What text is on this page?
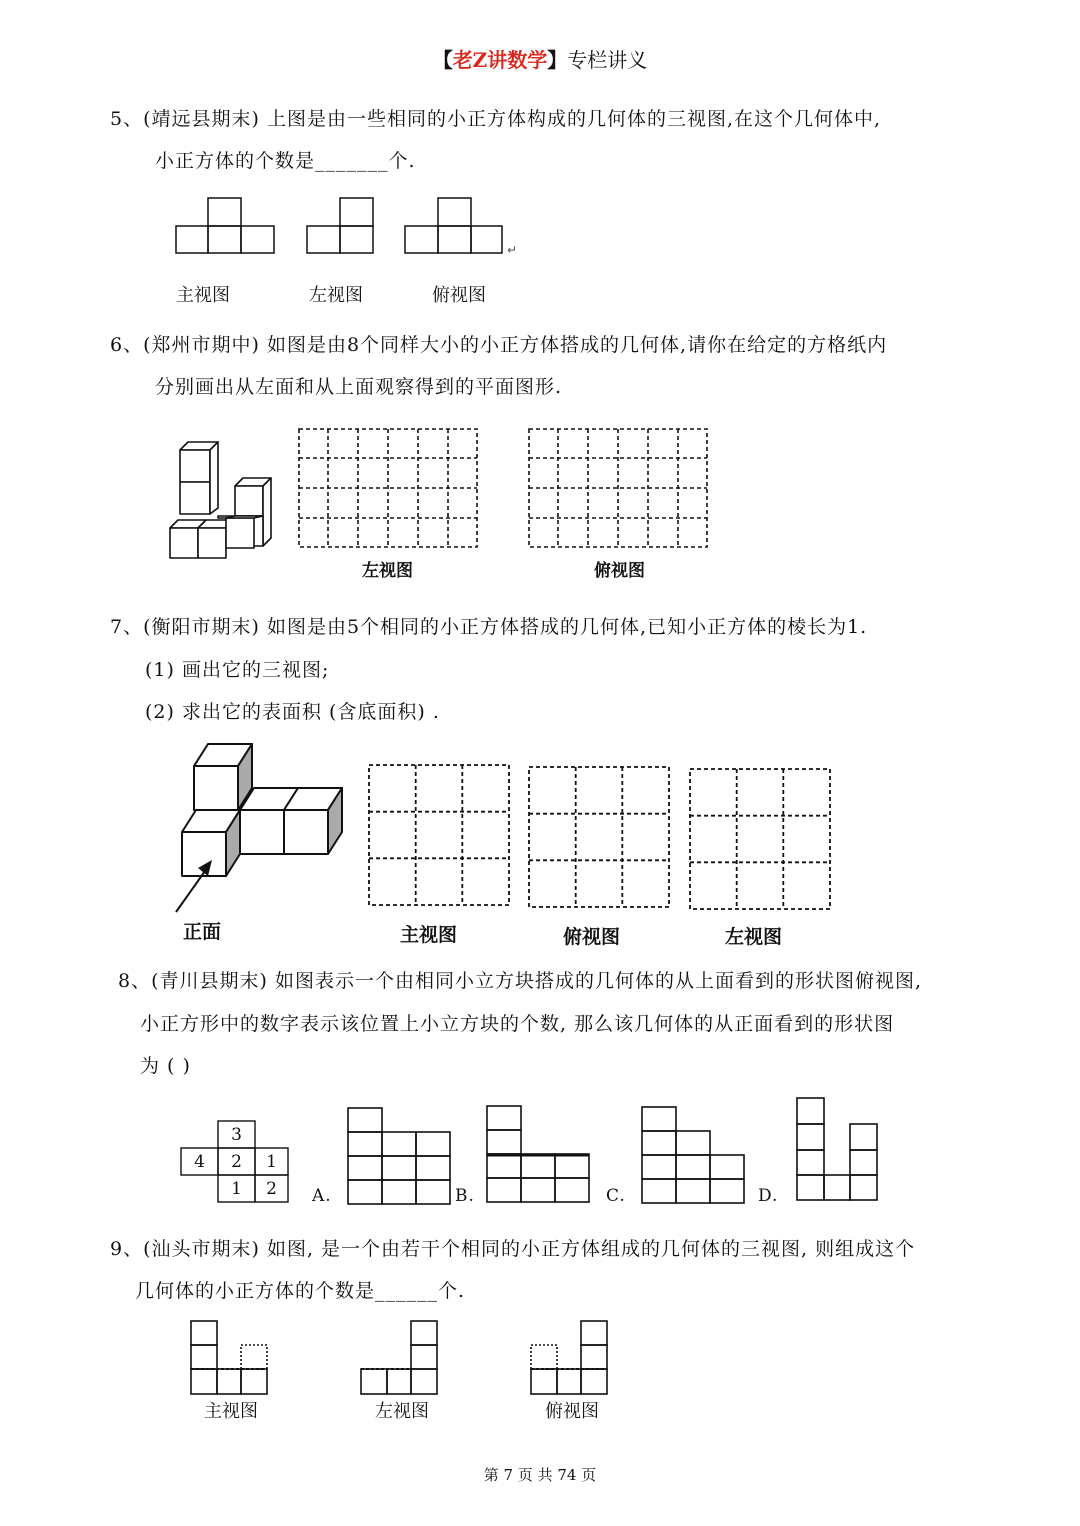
【老Z讲数学】专栏讲义
5、(靖远县期末) 上图是由一些相同的小正方体构成的几何体的三视图,在这个几何体中,
小正方体的个数是_______个.
↵
主视图	左视图	俯视图
6、(郑州市期中) 如图是由8个同样大小的小正方体搭成的几何体,请你在给定的方格纸内
分别画出从左面和从上面观察得到的平面图形.
左视图	俯视图
7、(衡阳市期末) 如图是由5个相同的小正方体搭成的几何体,已知小正方体的棱长为1.
(1) 画出它的三视图;
(2) 求出它的表面积 (含底面积) .
正面	主视图	俯视图	左视图
8、(青川县期末) 如图表示一个由相同小立方块搭成的几何体的从上面看到的形状图俯视图,
小正方形中的数字表示该位置上小立方块的个数, 那么该几何体的从正面看到的形状图
为 ( )
3
4	2	1
1	2	A.	B.	C.	D.
9、(汕头市期末) 如图, 是一个由若干个相同的小正方体组成的几何体的三视图, 则组成这个
几何体的小正方体的个数是______个.
主视图	左视图	俯视图
第 7 页 共 74 页
